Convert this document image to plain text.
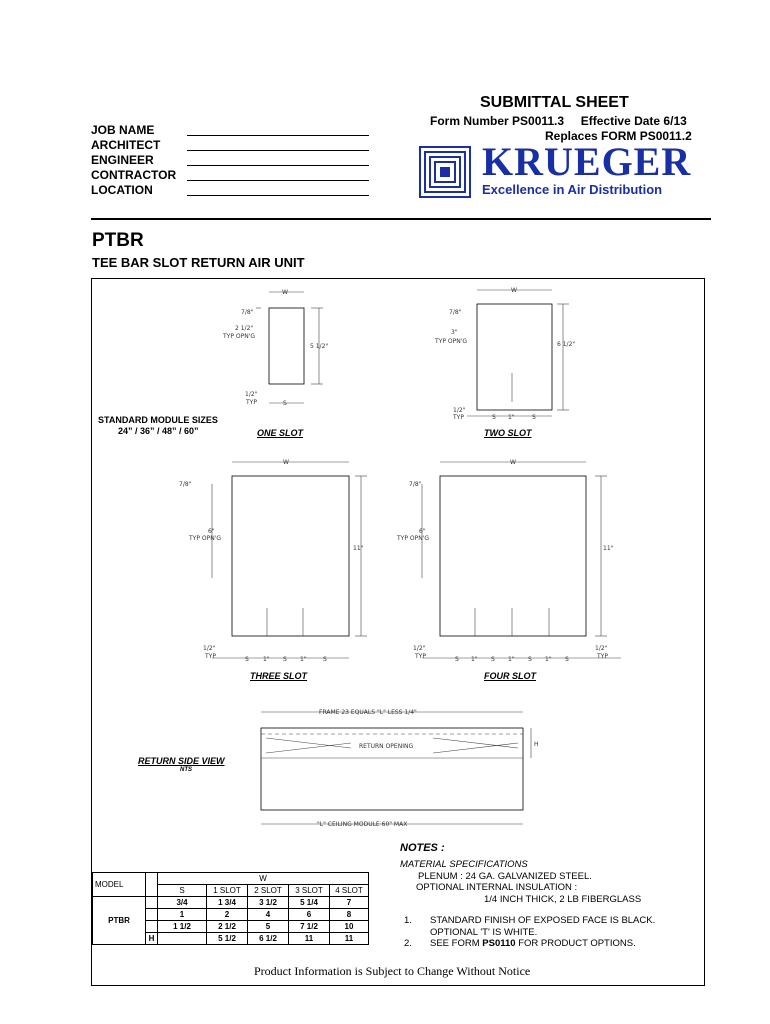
SUBMITTAL SHEET
Form Number PS0011.3 Effective Date 6/13
Replaces FORM PS0011.2
JOB NAME
ARCHITECT
ENGINEER
CONTRACTOR
LOCATION
KRUEGER
Excellence in Air Distribution
PTBR
TEE BAR SLOT RETURN AIR UNIT
W
7/8"
2 1/2"
TYP OPN'G
5 1/2"
1/2"
TYP	S
W
7/8"
3"
TYP OPN'G	6 1/2"
1/2"
TYP	S 1"	S
W
7/8"
6"
TYP OPN'G
11"
1/2"
TYP	S 1" S 1"	S
W
7/8"
6"
TYP OPN'G
11"
1/2"
TYP	S 1" S 1" S 1" S
1/2"
TYP
FRAME 23 EQUALS "L" LESS 1/4"
RETURN OPENING	H
"L" CEILING MODULE 60" MAX
STANDARD MODULE SIZES
24” / 36” / 48” / 60”	ONE SLOT	TWO SLOT
THREE SLOT	FOUR SLOT
RETURN SIDE VIEW
NTS
MODEL		W				
		S	1 SLOT	2 SLOT	3 SLOT	4 SLOT
PTBR		3/4	1 3/4	3 1/2	5 1/4	7
		1	2	4	6	8
		1 1/2	2 1/2	5	7 1/2	10
	H		5 1/2	6 1/2	11	11
NOTES :
MATERIAL SPECIFICATIONS
PLENUM : 24 GA. GALVANIZED STEEL.
OPTIONAL INTERNAL INSULATION :
1/4 INCH THICK, 2 LB FIBERGLASS
1. STANDARD FINISH OF EXPOSED FACE IS BLACK.
OPTIONAL 'T' IS WHITE.
2. SEE FORM PS0110 FOR PRODUCT OPTIONS.
Product Information is Subject to Change Without Notice
